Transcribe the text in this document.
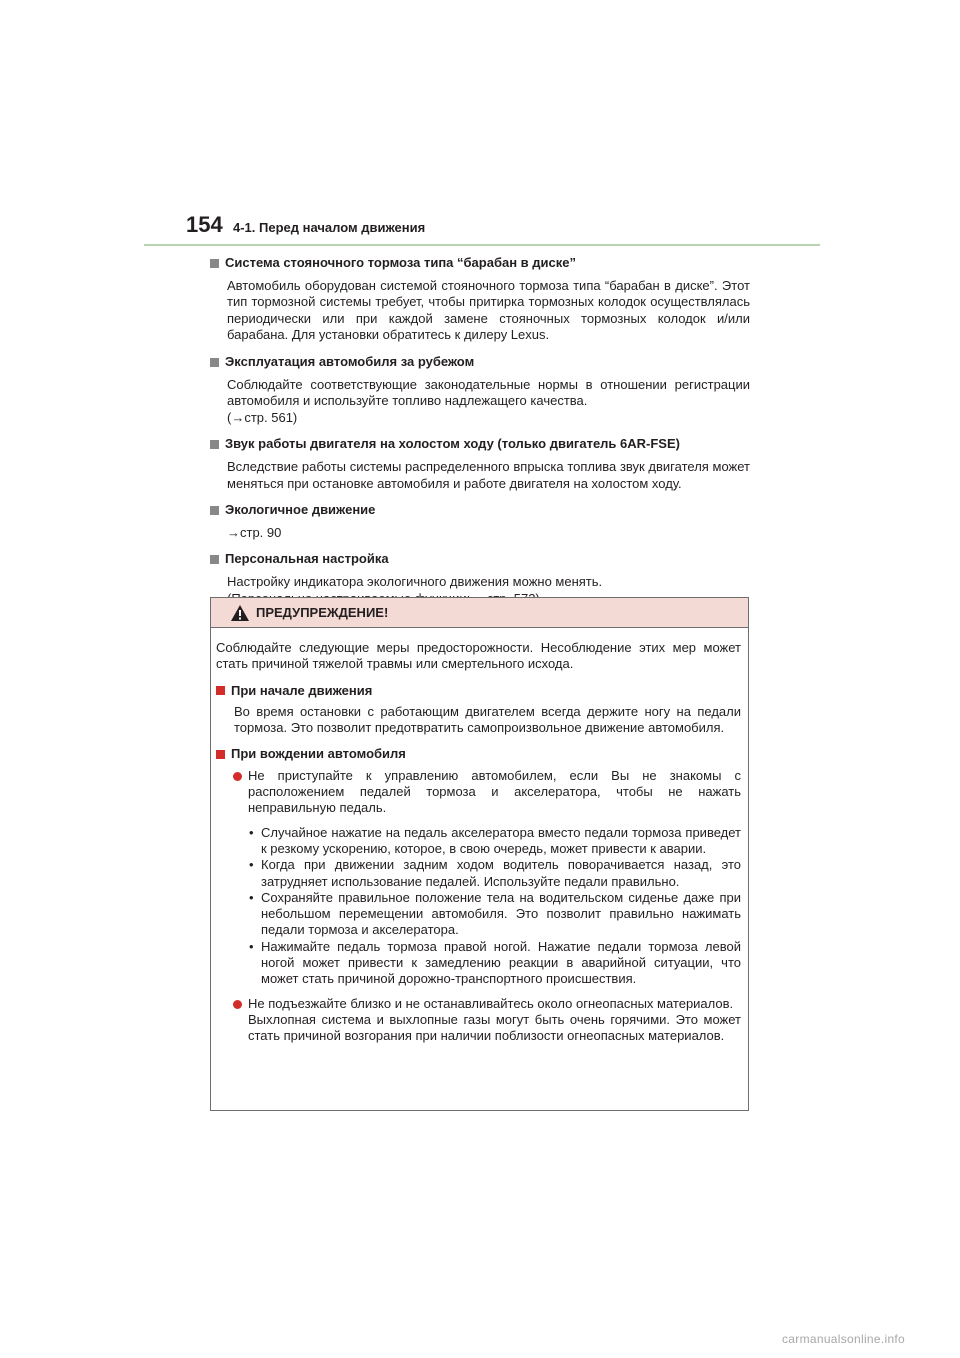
154 4-1. Перед началом движения
Система стояночного тормоза типа “барабан в диске”

Автомобиль оборудован системой стояночного тормоза типа “барабан в диске”. Этот тип тормозной системы требует, чтобы притирка тормозных колодок осуществлялась периодически или при каждой замене стояночных тормозных колодок и/или барабана. Для установки обратитесь к дилеру Lexus.

Эксплуатация автомобиля за рубежом

Соблюдайте соответствующие законодательные нормы в отношении регистрации автомобиля и используйте топливо надлежащего качества.

(→стр. 561)

Звук работы двигателя на холостом ходу (только двигатель 6AR-FSE)

Вследствие работы системы распределенного впрыска топлива звук двигателя может меняться при остановке автомобиля и работе двигателя на холостом ходу.

Экологичное движение

→стр. 90

Персональная настройка

Настройку индикатора экологичного движения можно менять.

ПРЕДУПРЕЖДЕНИЕ!

Соблюдайте следующие меры предосторожности. Несоблюдение этих мер может стать причиной тяжелой травмы или смертельного исхода.

При начале движения

Во время остановки с работающим двигателем всегда держите ногу на педали тормоза. Это позволит предотвратить самопроизвольное движение автомобиля.

При вождении автомобиля

Не приступайте к управлению автомобилем, если Вы не знакомы с расположением педалей тормоза и акселератора, чтобы не нажать неправильную педаль.

• Случайное нажатие на педаль акселератора вместо педали тормоза приведет к резкому ускорению, которое, в свою очередь, может привести к аварии.
• Когда при движении задним ходом водитель поворачивается назад, это затрудняет использование педалей. Используйте педали правильно.
• Сохраняйте правильное положение тела на водительском сиденье даже при небольшом перемещении автомобиля. Это позволит правильно нажимать педали тормоза и акселератора.
• Нажимайте педаль тормоза правой ногой. Нажатие педали тормоза левой ногой может привести к замедлению реакции в аварийной ситуации, что может стать причиной дорожно-транспортного происшествия.

Не подъезжайте близко и не останавливайтесь около огнеопасных материалов.

Выхлопная система и выхлопные газы могут быть очень горячими. Это может стать причиной возгорания при наличии поблизости огнеопасных материалов.

carmanualsonline.info
